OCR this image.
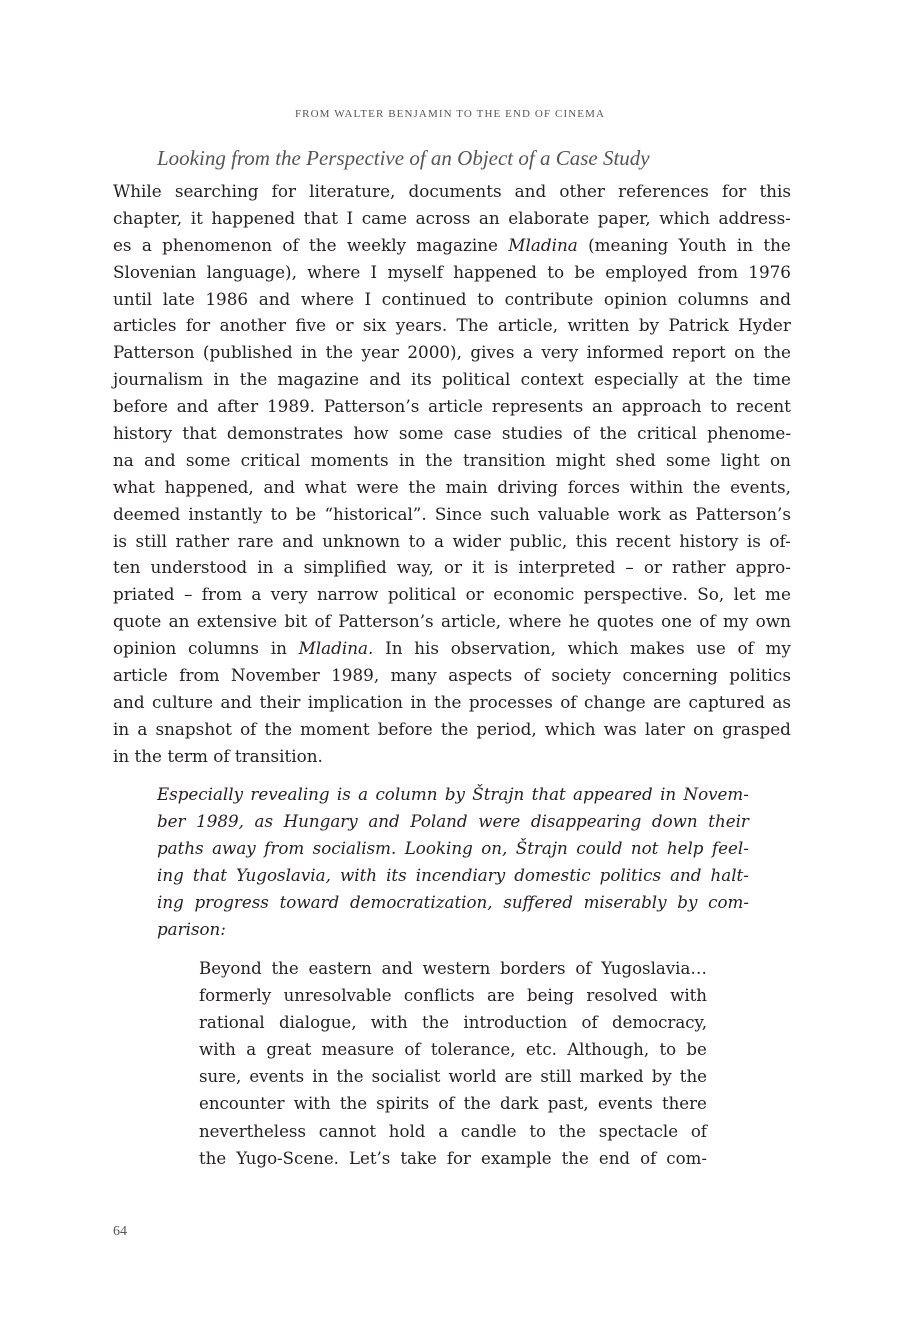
FROM WALTER BENJAMIN TO THE END OF CINEMA
Looking from the Perspective of an Object of a Case Study
While searching for literature, documents and other references for this
chapter, it happened that I came across an elaborate paper, which address-
es a phenomenon of the weekly magazine Mladina (meaning Youth in the
Slovenian language), where I myself happened to be employed from 1976
until late 1986 and where I continued to contribute opinion columns and
articles for another five or six years. The article, written by Patrick Hyder
Patterson (published in the year 2000), gives a very informed report on the
journalism in the magazine and its political context especially at the time
before and after 1989. Patterson’s article represents an approach to recent
history that demonstrates how some case studies of the critical phenome-
na and some critical moments in the transition might shed some light on
what happened, and what were the main driving forces within the events,
deemed instantly to be “historical”. Since such valuable work as Patterson’s
is still rather rare and unknown to a wider public, this recent history is of-
ten understood in a simplified way, or it is interpreted – or rather appro-
priated – from a very narrow political or economic perspective. So, let me
quote an extensive bit of Patterson’s article, where he quotes one of my own
opinion columns in Mladina. In his observation, which makes use of my
article from November 1989, many aspects of society concerning politics
and culture and their implication in the processes of change are captured as
in a snapshot of the moment before the period, which was later on grasped
in the term of transition.
Especially revealing is a column by Štrajn that appeared in Novem-
ber 1989, as Hungary and Poland were disappearing down their
paths away from socialism. Looking on, Štrajn could not help feel-
ing that Yugoslavia, with its incendiary domestic politics and halt-
ing progress toward democratization, suffered miserably by com-
parison:
Beyond the eastern and western borders of Yugoslavia…
formerly unresolvable conflicts are being resolved with
rational dialogue, with the introduction of democracy,
with a great measure of tolerance, etc. Although, to be
sure, events in the socialist world are still marked by the
encounter with the spirits of the dark past, events there
nevertheless cannot hold a candle to the spectacle of
the Yugo-Scene. Let’s take for example the end of com-
64
